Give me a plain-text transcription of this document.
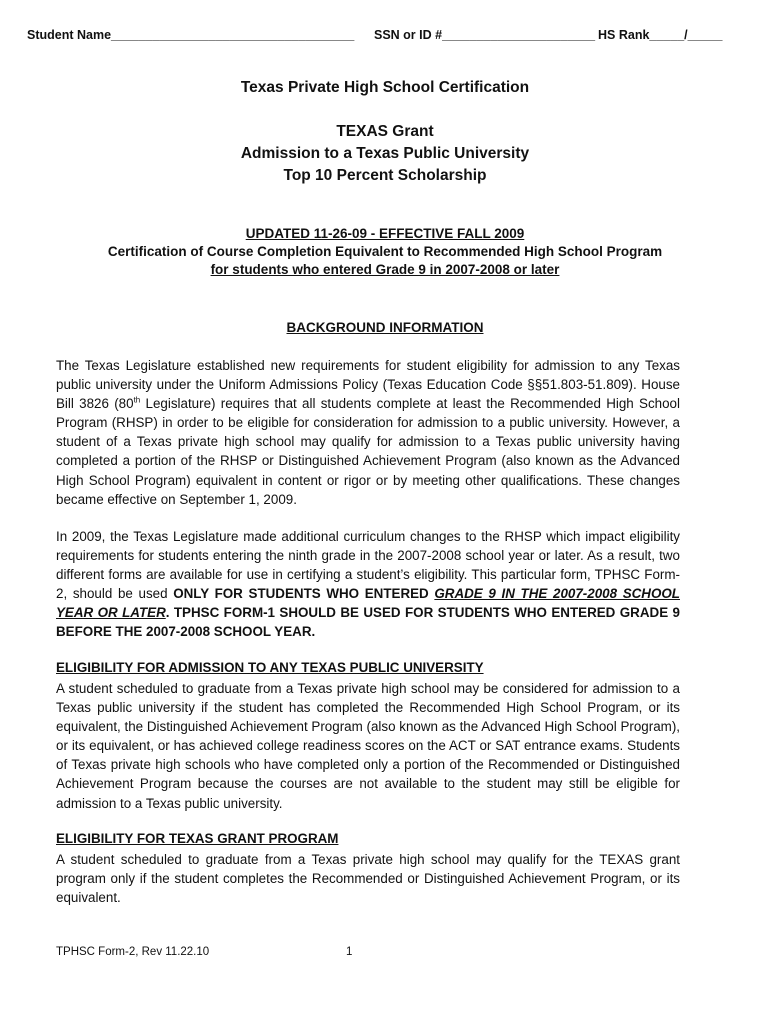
Student Name___________________________________ SSN or ID #______________________ HS Rank_____/_____
Texas Private High School Certification
TEXAS Grant
Admission to a Texas Public University
Top 10 Percent Scholarship
UPDATED 11-26-09 - EFFECTIVE FALL 2009
Certification of Course Completion Equivalent to Recommended High School Program
for students who entered Grade 9 in 2007-2008 or later
BACKGROUND INFORMATION

The Texas Legislature established new requirements for student eligibility for admission to any Texas public university under the Uniform Admissions Policy (Texas Education Code §§51.803-51.809). House Bill 3826 (80th Legislature) requires that all students complete at least the Recommended High School Program (RHSP) in order to be eligible for consideration for admission to a public university. However, a student of a Texas private high school may qualify for admission to a Texas public university having completed a portion of the RHSP or Distinguished Achievement Program (also known as the Advanced High School Program) equivalent in content or rigor or by meeting other qualifications. These changes became effective on September 1, 2009.

In 2009, the Texas Legislature made additional curriculum changes to the RHSP which impact eligibility requirements for students entering the ninth grade in the 2007-2008 school year or later. As a result, two different forms are available for use in certifying a student’s eligibility. This particular form, TPHSC Form-2, should be used ONLY FOR STUDENTS WHO ENTERED GRADE 9 IN THE 2007-2008 SCHOOL YEAR OR LATER. TPHSC FORM-1 SHOULD BE USED FOR STUDENTS WHO ENTERED GRADE 9 BEFORE THE 2007-2008 SCHOOL YEAR.

ELIGIBILITY FOR ADMISSION TO ANY TEXAS PUBLIC UNIVERSITY

A student scheduled to graduate from a Texas private high school may be considered for admission to a Texas public university if the student has completed the Recommended High School Program, or its equivalent, the Distinguished Achievement Program (also known as the Advanced High School Program), or its equivalent, or has achieved college readiness scores on the ACT or SAT entrance exams. Students of Texas private high schools who have completed only a portion of the Recommended or Distinguished Achievement Program because the courses are not available to the student may still be eligible for admission to a Texas public university.

ELIGIBILITY FOR TEXAS GRANT PROGRAM

A student scheduled to graduate from a Texas private high school may qualify for the TEXAS grant program only if the student completes the Recommended or Distinguished Achievement Program, or its equivalent.

TPHSC Form-2, Rev 11.22.10	1
